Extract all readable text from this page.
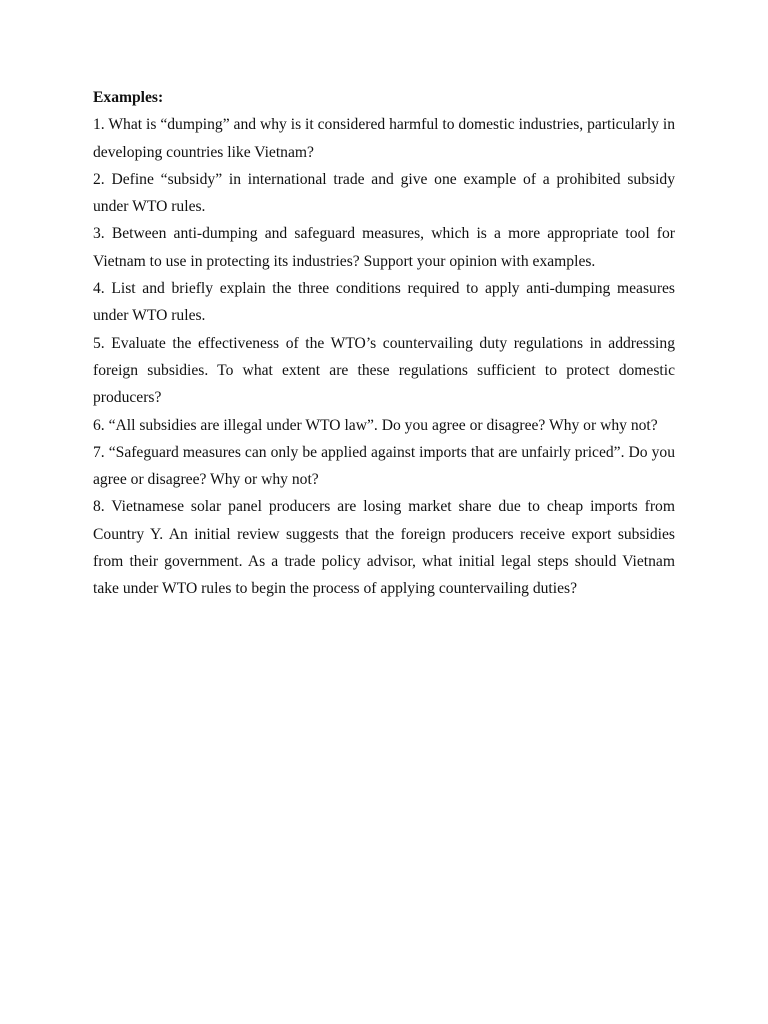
Examples:

1. What is “dumping” and why is it considered harmful to domestic industries, particularly in developing countries like Vietnam?

2. Define “subsidy” in international trade and give one example of a prohibited subsidy under WTO rules.

3. Between anti-dumping and safeguard measures, which is a more appropriate tool for Vietnam to use in protecting its industries? Support your opinion with examples.

4. List and briefly explain the three conditions required to apply anti-dumping measures under WTO rules.

5. Evaluate the effectiveness of the WTO’s countervailing duty regulations in addressing foreign subsidies. To what extent are these regulations sufficient to protect domestic producers?

6. “All subsidies are illegal under WTO law”. Do you agree or disagree? Why or why not?

7. “Safeguard measures can only be applied against imports that are unfairly priced”. Do you agree or disagree? Why or why not?

8. Vietnamese solar panel producers are losing market share due to cheap imports from Country Y. An initial review suggests that the foreign producers receive export subsidies from their government. As a trade policy advisor, what initial legal steps should Vietnam take under WTO rules to begin the process of applying countervailing duties?
